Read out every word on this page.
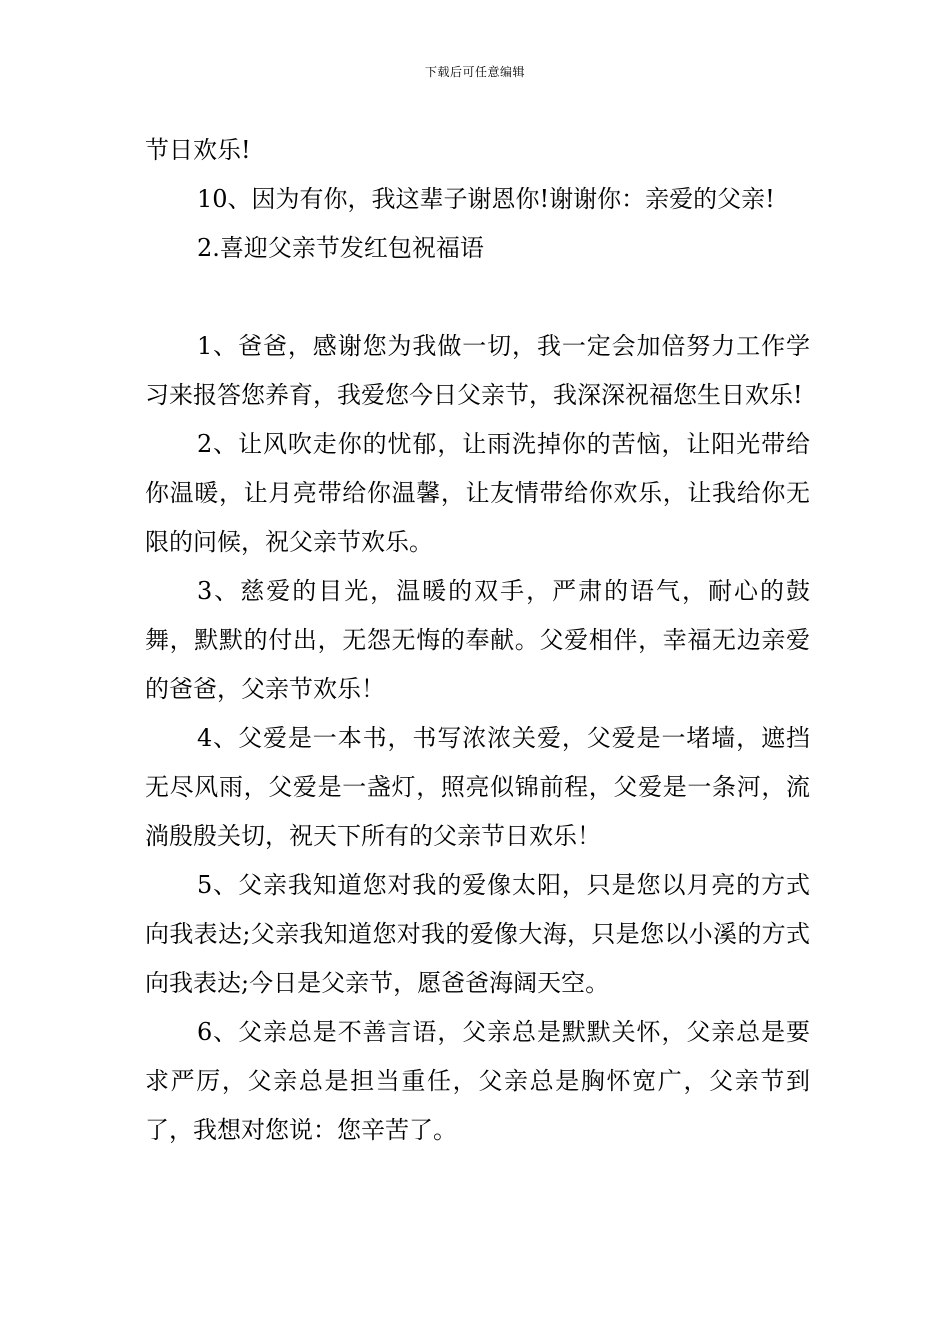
下载后可任意编辑

节日欢乐!

10、因为有你，我这辈子谢恩你!谢谢你：亲爱的父亲!

2.喜迎父亲节发红包祝福语

1、爸爸，感谢您为我做一切，我一定会加倍努力工作学习来报答您养育，我爱您今日父亲节，我深深祝福您生日欢乐!

2、让风吹走你的忧郁，让雨洗掉你的苦恼，让阳光带给你温暖，让月亮带给你温馨，让友情带给你欢乐，让我给你无限的问候，祝父亲节欢乐。

3、慈爱的目光，温暖的双手，严肃的语气，耐心的鼓舞，默默的付出，无怨无悔的奉献。父爱相伴，幸福无边亲爱的爸爸，父亲节欢乐！

4、父爱是一本书，书写浓浓关爱，父爱是一堵墙，遮挡无尽风雨，父爱是一盏灯，照亮似锦前程，父爱是一条河，流淌殷殷关切，祝天下所有的父亲节日欢乐！

5、父亲我知道您对我的爱像太阳，只是您以月亮的方式向我表达;父亲我知道您对我的爱像大海，只是您以小溪的方式向我表达;今日是父亲节，愿爸爸海阔天空。

6、父亲总是不善言语，父亲总是默默关怀，父亲总是要求严厉，父亲总是担当重任，父亲总是胸怀宽广，父亲节到了，我想对您说：您辛苦了。
